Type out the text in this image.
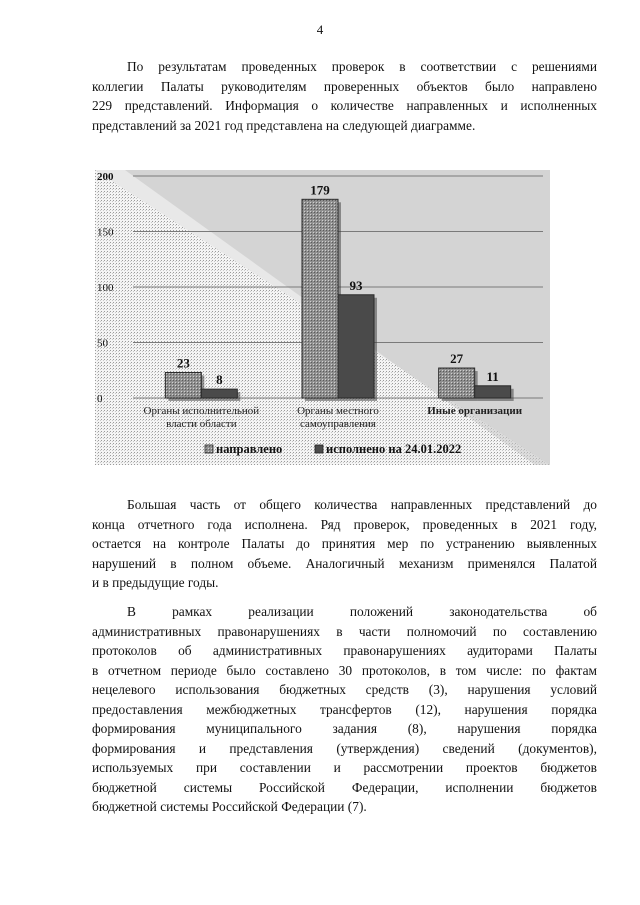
4
По результатам проведенных проверок в соответствии с решениями
коллегии Палаты руководителям проверенных объектов было направлено
229 представлений. Информация о количестве направленных и исполненных
представлений за 2021 год представлена на следующей диаграмме.
0
50
100
150
200
23
8
Органы исполнительной
власти области
179
93
Органы местного
самоуправления
27
11
Иные организации
направлено	исполнено на 24.01.2022
Большая часть от общего количества направленных представлений до
конца отчетного года исполнена. Ряд проверок, проведенных в 2021 году,
остается на контроле Палаты до принятия мер по устранению выявленных
нарушений в полном объеме. Аналогичный механизм применялся Палатой
и в предыдущие годы.
В рамках реализации положений законодательства об
административных правонарушениях в части полномочий по составлению
протоколов об административных правонарушениях аудиторами Палаты
в отчетном периоде было составлено 30 протоколов, в том числе: по фактам
нецелевого использования бюджетных средств (3), нарушения условий
предоставления межбюджетных трансфертов (12), нарушения порядка
формирования муниципального задания (8), нарушения порядка
формирования и представления (утверждения) сведений (документов),
используемых при составлении и рассмотрении проектов бюджетов
бюджетной системы Российской Федерации, исполнении бюджетов
бюджетной системы Российской Федерации (7).
